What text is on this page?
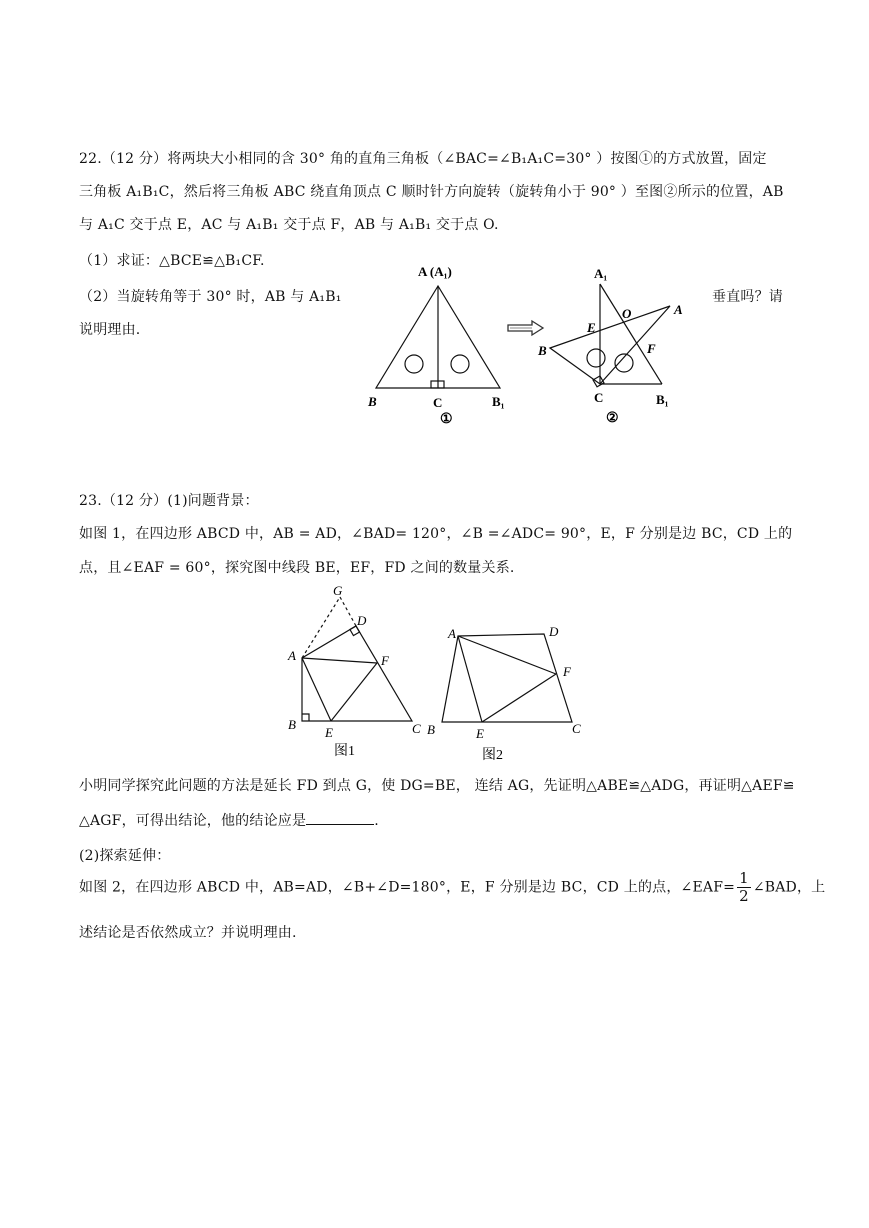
22.（12 分）将两块大小相同的含 30° 角的直角三角板（∠BAC=∠B₁A₁C=30° ）按图①的方式放置，固定
三角板 A₁B₁C，然后将三角板 ABC 绕直角顶点 C 顺时针方向旋转（旋转角小于 90° ）至图②所示的位置，AB
与 A₁C 交于点 E，AC 与 A₁B₁ 交于点 F，AB 与 A₁B₁ 交于点 O.
（1）求证：△BCE≌△B₁CF.
（2）当旋转角等于 30° 时，AB 与 A₁B₁	垂直吗？请
说明理由.
A (A₁)
B	C	B₁
①
A₁
O	A
E
F
B
C	B₁
②
23.（12 分）(1)问题背景：
如图 1，在四边形 ABCD 中，AB = AD，∠BAD= 120°，∠B =∠ADC= 90°，E，F 分别是边 BC，CD 上的
点，且∠EAF = 60°，探究图中线段 BE，EF，FD 之间的数量关系.
G
D
A	F
B
E	C
图1
A	D
F
B	E	C
图2
小明同学探究此问题的方法是延长 FD 到点 G，使 DG=BE， 连结 AG，先证明△ABE≌△ADG，再证明△AEF≌
△AGF，可得出结论，他的结论应是	.
(2)探索延伸：
如图 2，在四边形 ABCD 中，AB=AD，∠B+∠D=180°，E，F 分别是边 BC，CD 上的点，∠EAF= $\frac{1}{2}$ ∠BAD，上
述结论是否依然成立？并说明理由.
